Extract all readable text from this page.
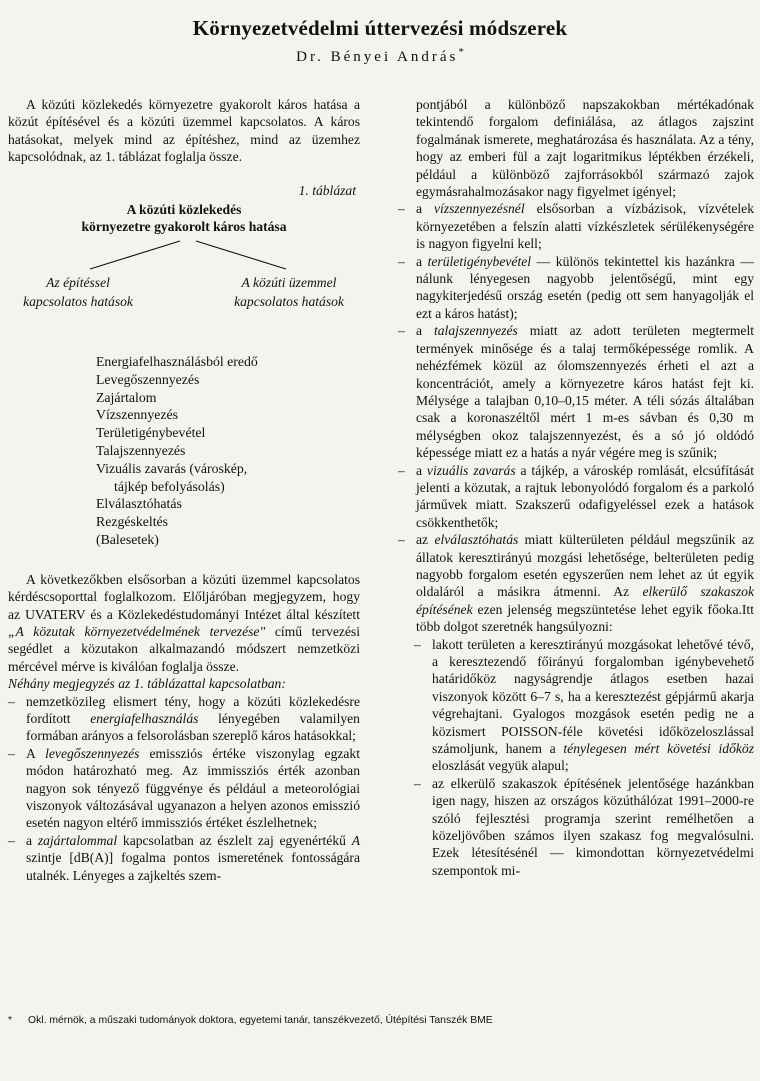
Környezetvédelmi úttervezési módszerek
Dr. Bényei András*

A közúti közlekedés környezetre gyakorolt káros hatása a közút építésével és a közúti üzemmel kapcsolatos. A káros hatásokat, melyek mind az építéshez, mind az üzemhez kapcsolódnak, az 1. táblázat foglalja össze.

1. táblázat
A közúti közlekedés
környezetre gyakorolt káros hatása
Az építéssel
kapcsolatos hatások
A közúti üzemmel
kapcsolatos hatások
Energiafelhasználásból eredő
Levegőszennyezés
Zajártalom
Vízszennyezés
Területigénybevétel
Talajszennyezés
Vizuális zavarás (városkép,
tájkép befolyásolás)
Elválasztóhatás
Rezgéskeltés
(Balesetek)

A következőkben elsősorban a közúti üzemmel kapcsolatos kérdéscsoporttal foglalkozom. Előljáróban megjegyzem, hogy az UVATERV és a Közlekedéstudományi Intézet által készített „A közutak környezetvédelmének tervezése" című tervezési segédlet a közutakon alkalmazandó módszert nemzetközi mércével mérve is kiválóan foglalja össze.

Néhány megjegyzés az 1. táblázattal kapcsolatban:

– nemzetközileg elismert tény, hogy a közúti közlekedésre fordított energiafelhasználás lényegében valamilyen formában arányos a felsorolásban szereplő káros hatásokkal;
– A levegőszennyezés emissziós értéke viszonylag egzakt módon határozható meg. Az immissziós érték azonban nagyon sok tényező függvénye és például a meteorológiai viszonyok változásával ugyanazon a helyen azonos emisszió esetén nagyon eltérő immissziós értéket észlelhetnek;
– a zajártalommal kapcsolatban az észlelt zaj egyenértékű A szintje [dB(A)] fogalma pontos ismeretének fontosságára utalnék. Lényeges a zajkeltés szem-

pontjából a különböző napszakokban mértékadónak tekintendő forgalom definiálása, az átlagos zajszint fogalmának ismerete, meghatározása és használata. Az a tény, hogy az emberi fül a zajt logaritmikus léptékben érzékeli, például a különböző zajforrásokból származó zajok egymásrahalmozásakor nagy figyelmet igényel;

– a vízszennyezésnél elsősorban a vízbázisok, vízvételek környezetében a felszín alatti vízkészletek sérülékenységére is nagyon figyelni kell;
– a területigénybevétel — különös tekintettel kis hazánkra — nálunk lényegesen nagyobb jelentőségű, mint egy nagykiterjedésű ország esetén (pedig ott sem hanyagolják el ezt a káros hatást);
– a talajszennyezés miatt az adott területen megtermelt termények minősége és a talaj termőképessége romlik. A nehézfémek közül az ólomszennyezés érheti el azt a koncentrációt, amely a környezetre káros hatást fejt ki. Mélysége a talajban 0,10–0,15 méter. A téli sózás általában csak a koronaszéltől mért 1 m-es sávban és 0,30 m mélységben okoz talajszennyezést, és a só jó oldódó képessége miatt ez a hatás a nyár végére meg is szűnik;
– a vizuális zavarás a tájkép, a városkép romlását, elcsúfítását jelenti a közutak, a rajtuk lebonyolódó forgalom és a parkoló járművek miatt. Szakszerű odafigyeléssel ezek a hatások csökkenthetők;
– az elválasztóhatás miatt külterületen például megszűnik az állatok keresztirányú mozgási lehetősége, belterületen pedig nagyobb forgalom esetén egyszerűen nem lehet az út egyik oldaláról a másikra átmenni. Az elkerülő szakaszok építésének ezen jelenség megszüntetése lehet egyik főoka.Itt több dolgot szeretnék hangsúlyozni:
– lakott területen a keresztirányú mozgásokat lehetővé tévő, a keresztezendő főirányú forgalomban igénybevehető határidőköz nagyságrendje átlagos esetben hazai viszonyok között 6–7 s, ha a keresztezést gépjármű akarja végrehajtani. Gyalogos mozgások esetén pedig ne a közismert POISSON-féle követési időközeloszlással számoljunk, hanem a ténylegesen mért követési időköz eloszlását vegyük alapul;
– az elkerülő szakaszok építésének jelentősége hazánkban igen nagy, hiszen az országos közúthálózat 1991–2000-re szóló fejlesztési programja szerint remélhetően a közeljövőben számos ilyen szakasz fog megvalósulni. Ezek létesítésénél — kimondottan környezetvédelmi szempontok mi-
* Okl. mérnök, a műszaki tudományok doktora, egyetemi tanár, tanszékvezető, Útépítési Tanszék BME
